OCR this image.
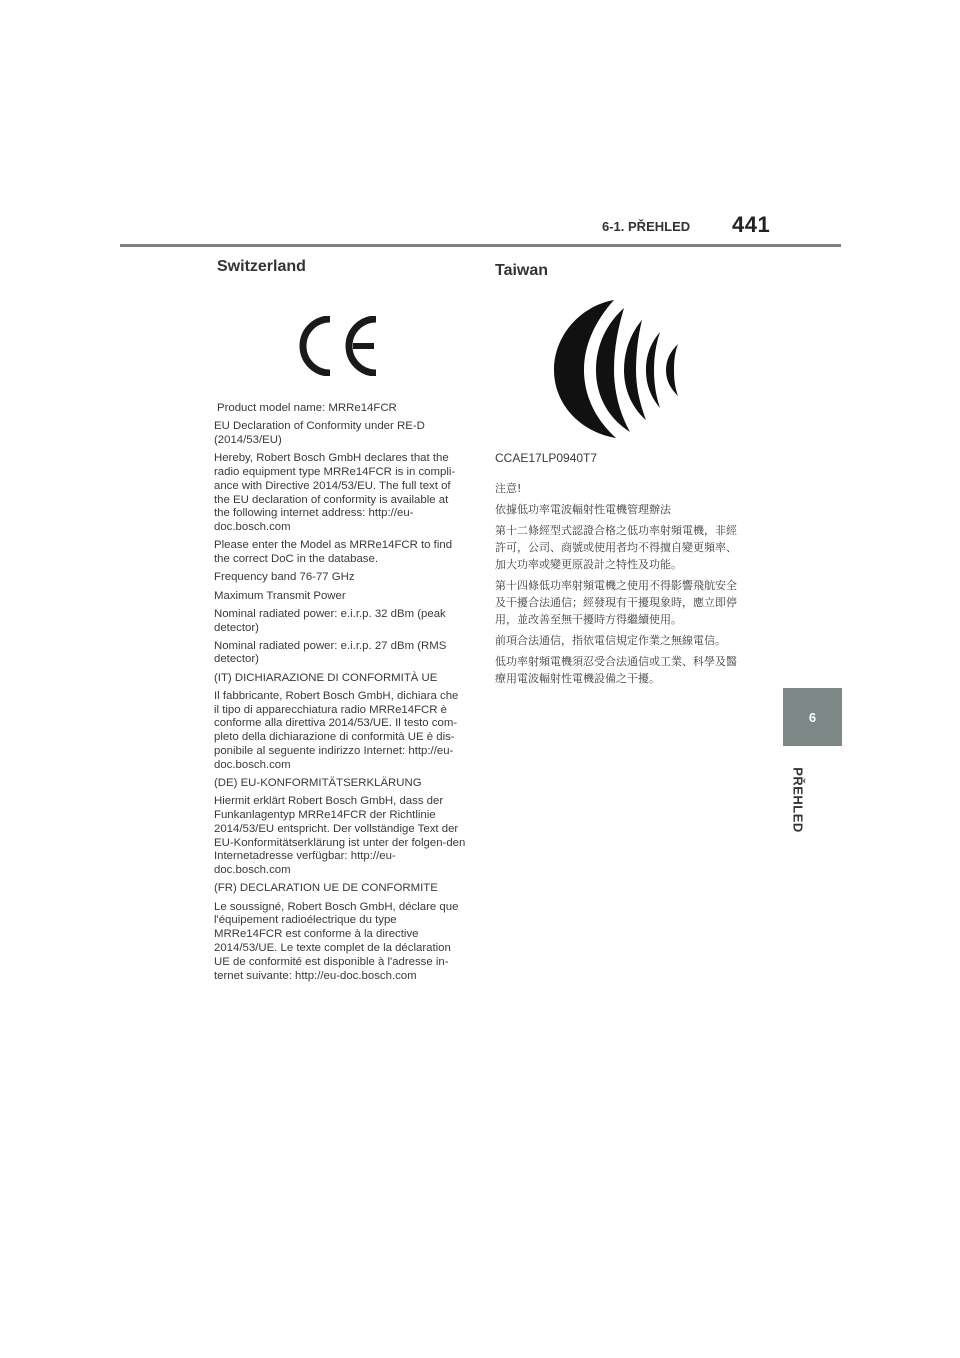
6-1. PŘEHLED 441
6
PŘEHLED
Switzerland

Product model name: MRRe14FCR

EU Declaration of Conformity under RE-D (2014/53/EU)

Hereby, Robert Bosch GmbH declares that the radio equipment type MRRe14FCR is in compli-ance with Directive 2014/53/EU. The full text of the EU declaration of conformity is available at the following internet address: http://eu-doc.bosch.com

Please enter the Model as MRRe14FCR to find the correct DoC in the database.

Frequency band 76-77 GHz

Maximum Transmit Power

Nominal radiated power: e.i.r.p. 32 dBm (peak detector)

Nominal radiated power: e.i.r.p. 27 dBm (RMS detector)

(IT) DICHIARAZIONE DI CONFORMITÀ UE

Il fabbricante, Robert Bosch GmbH, dichiara che il tipo di apparecchiatura radio MRRe14FCR è conforme alla direttiva 2014/53/UE. Il testo com-pleto della dichiarazione di conformità UE è dis-ponibile al seguente indirizzo Internet: http://eu-doc.bosch.com

(DE) EU-KONFORMITÄTSERKLÄRUNG

Hiermit erklärt Robert Bosch GmbH, dass der Funkanlagentyp MRRe14FCR der Richtlinie 2014/53/EU entspricht. Der vollständige Text der EU-Konformitätserklärung ist unter der folgen-den Internetadresse verfügbar: http://eu-doc.bosch.com

(FR) DECLARATION UE DE CONFORMITE

Le soussigné, Robert Bosch GmbH, déclare que l'équipement radioélectrique du type MRRe14FCR est conforme à la directive 2014/53/UE. Le texte complet de la déclaration UE de conformité est disponible à l'adresse in-ternet suivante: http://eu-doc.bosch.com

Taiwan

CCAE17LP0940T7

注意!

依據低功率電波輻射性電機管理辦法

第十二條經型式認證合格之低功率射頻電機，非經許可，公司、商號或使用者均不得擅自變更頻率、加大功率或變更原設計之特性及功能。

第十四條低功率射頻電機之使用不得影響飛航安全及干擾合法通信；經發現有干擾現象時，應立即停用，並改善至無干擾時方得繼續使用。

前項合法通信，指依電信規定作業之無線電信。

低功率射頻電機須忍受合法通信或工業、科學及醫療用電波輻射性電機設備之干擾。
